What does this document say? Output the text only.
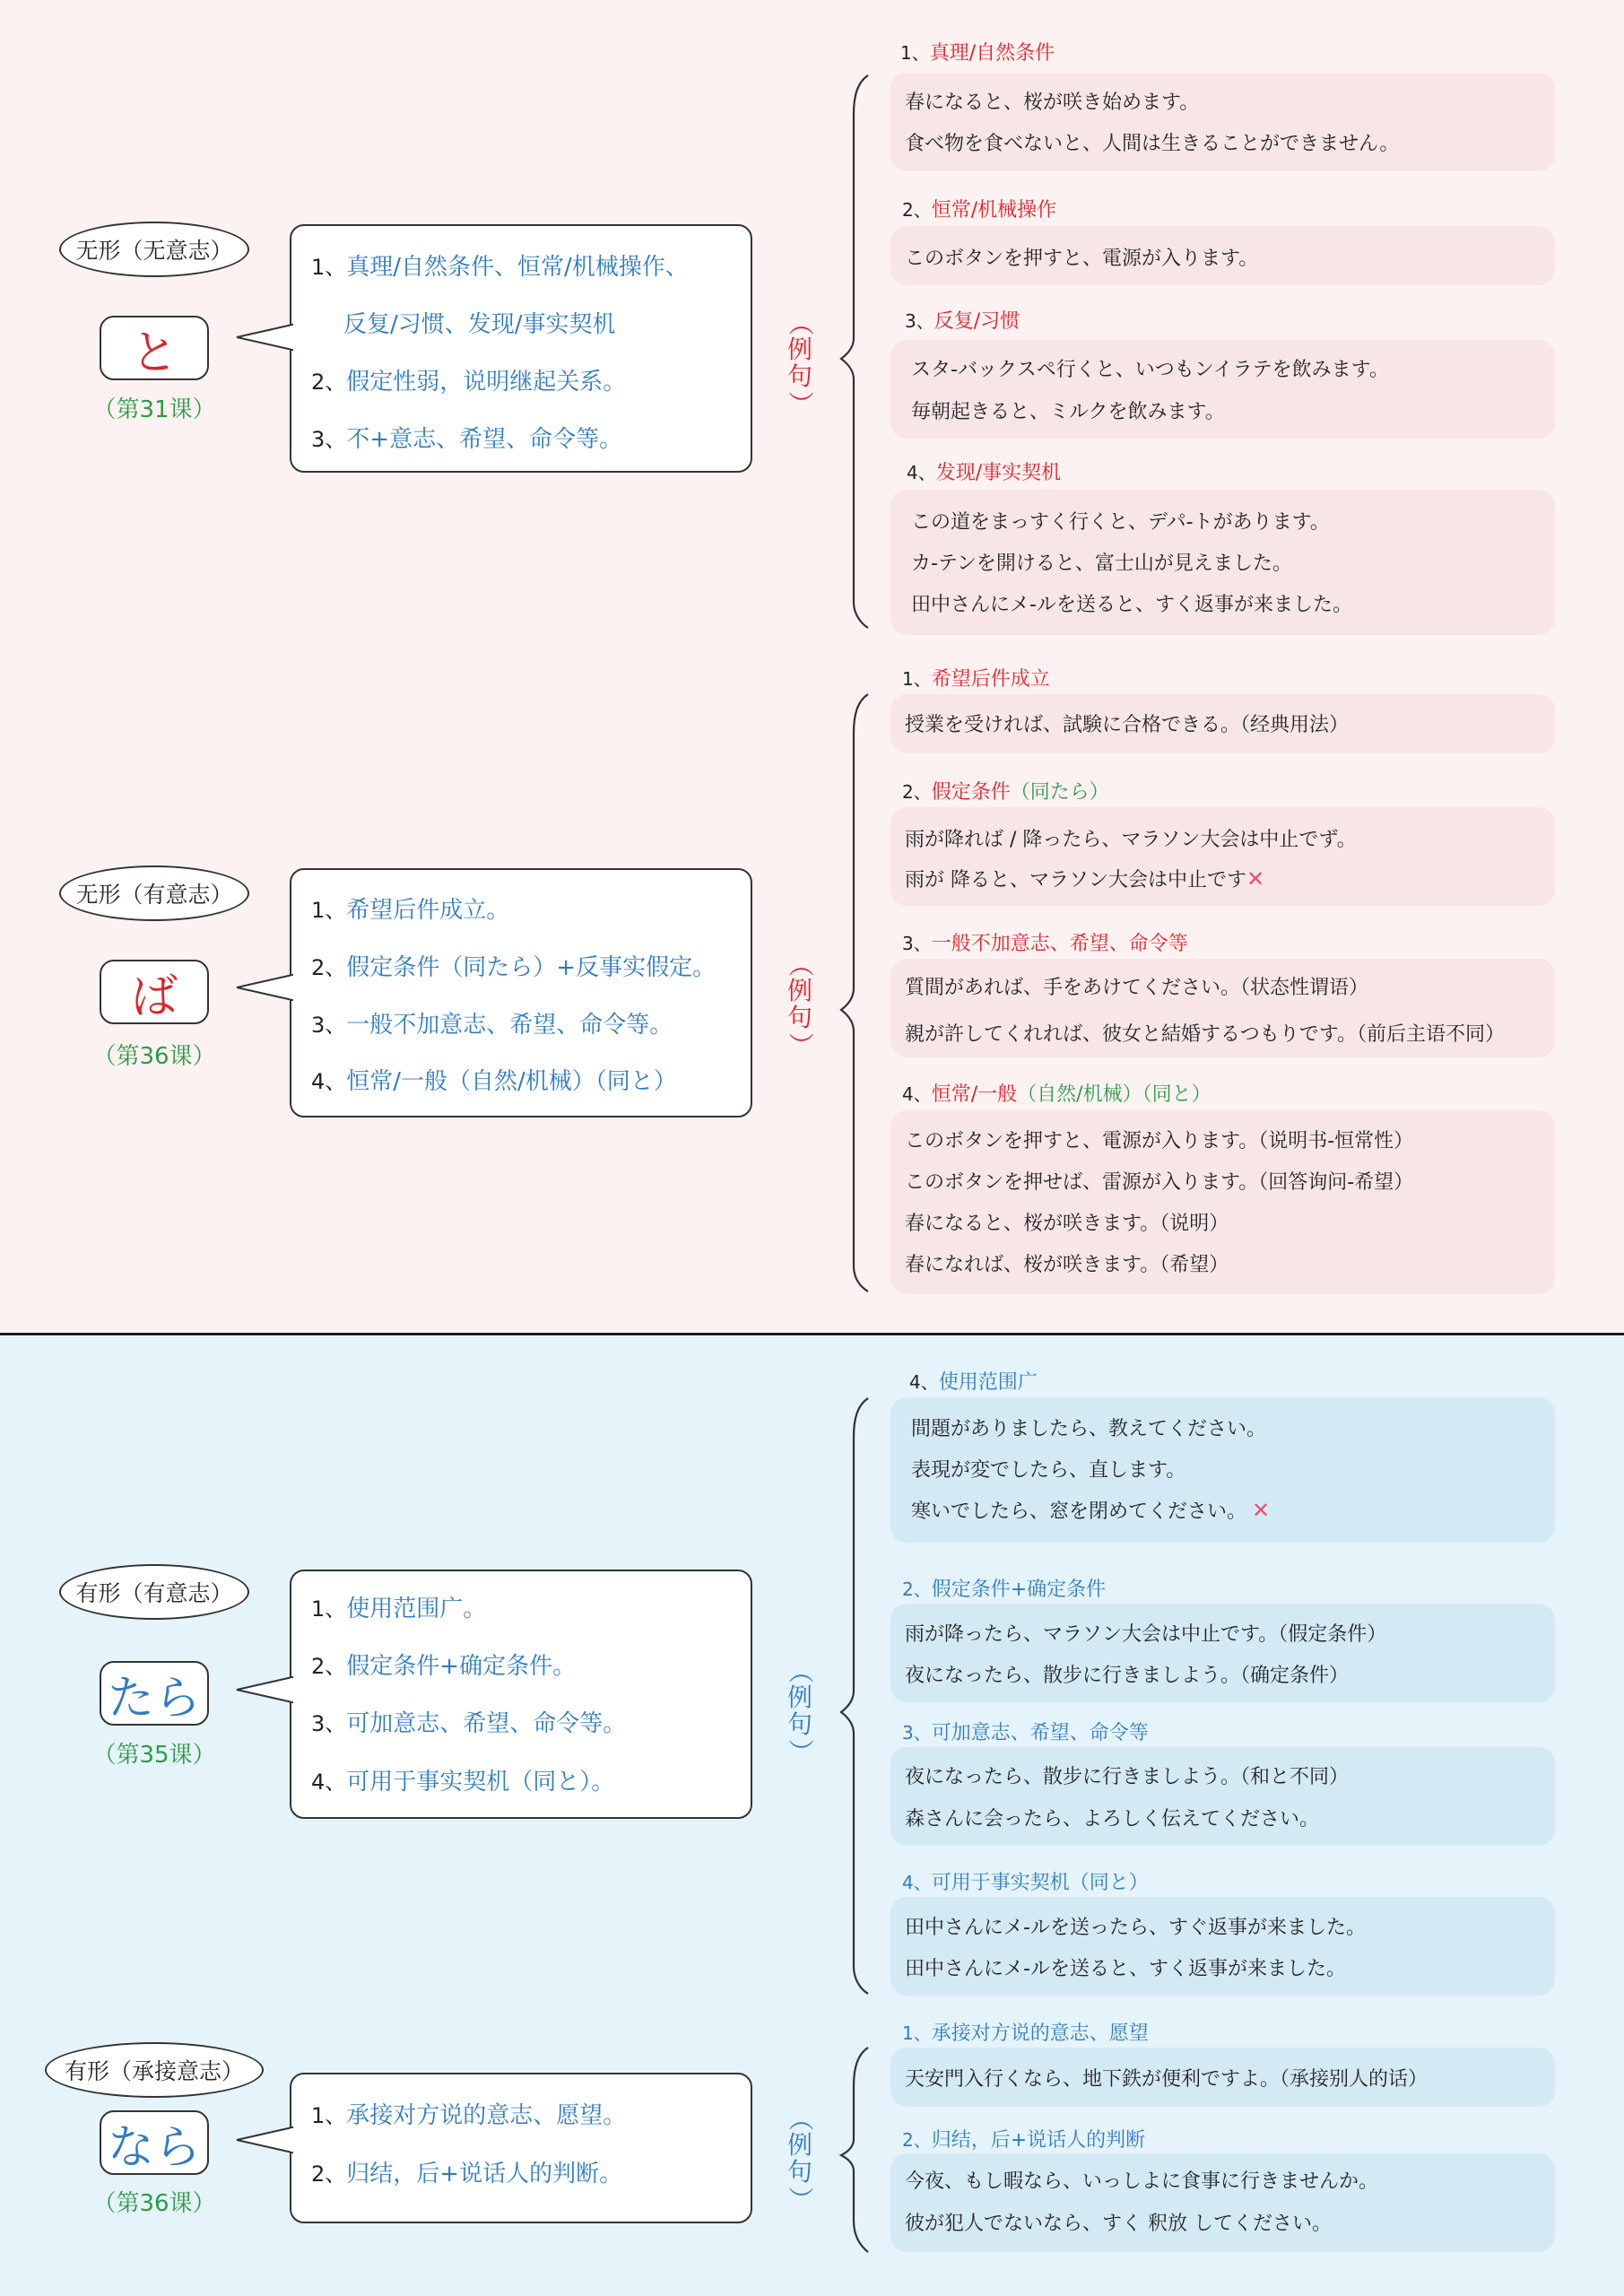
无形（无意志）
と
（第31课）
1、真理/自然条件、恒常/机械操作、
反复/习惯、发现/事实契机
2、假定性弱，说明继起关系。
3、不+意志、希望、命令等。
（
例
句
）
1、真理/自然条件
春になると、桜が咲き始めます。
食べ物を食べないと、人間は生きることができません。
2、恒常/机械操作
このボタンを押すと、電源が入ります。
3、反复/习惯
スタ-バックスペ行くと、いつもンイラテを飲みます。
毎朝起きると、ミルクを飲みます。
4、发现/事实契机
この道をまっすく行くと、デパ-トがあります。
カ-テンを開けると、富士山が見えました。
田中さんにメ-ルを送ると、すく返事が来ました。
无形（有意志）
ば
（第36课）
1、希望后件成立。
2、假定条件（同たら）+反事实假定。
3、一般不加意志、希望、命令等。
4、恒常/一般（自然/机械）（同と）
（
例
句
）
1、希望后件成立
授業を受ければ、試験に合格できる。（经典用法）
2、假定条件（同たら）
雨が降れば / 降ったら、マラソン大会は中止でず。
雨が 降ると、マラソン大会は中止です✕
3、一般不加意志、希望、命令等
質間があれば、手をあけてください。（状态性谓语）
親が許してくれれば、彼女と結婚するつもりです。（前后主语不同）
4、恒常/一般（自然/机械）（同と）
このボタンを押すと、電源が入ります。（说明书-恒常性）
このボタンを押せば、雷源が入ります。（回答询问-希望）
春になると、桜が咲きます。（说明）
春になれば、桜が咲きます。（希望）
有形（有意志）
たら
（第35课）
1、使用范围广。
2、假定条件+确定条件。
3、可加意志、希望、命令等。
4、可用于事实契机（同と）。
（
例
句
）
4、使用范围广
間題がありましたら、教えてください。
表現が変でしたら、直します。
寒いでしたら、窓を閉めてください。 ✕
2、假定条件+确定条件
雨が降ったら、マラソン大会は中止です。（假定条件）
夜になったら、散步に行きましよう。（确定条件）
3、可加意志、希望、命令等
夜になったら、散步に行きましよう。（和と不同）
森さんに会ったら、よろしく伝えてください。
4、可用于事实契机（同と）
田中さんにメ-ルを送ったら、すぐ返事が来ました。
田中さんにメ-ルを送ると、すく返事が来ました。
有形（承接意志）
なら
（第36课）
1、承接对方说的意志、愿望。
2、归结，后+说话人的判断。
（
例
句
）
1、承接对方说的意志、愿望
天安門入行くなら、地下鉄が便利ですよ。（承接别人的话）
2、归结，后+说话人的判断
今夜、もし暇なら、いっしよに食事に行きませんか。
彼が犯人でないなら、すく 釈放 してください。
